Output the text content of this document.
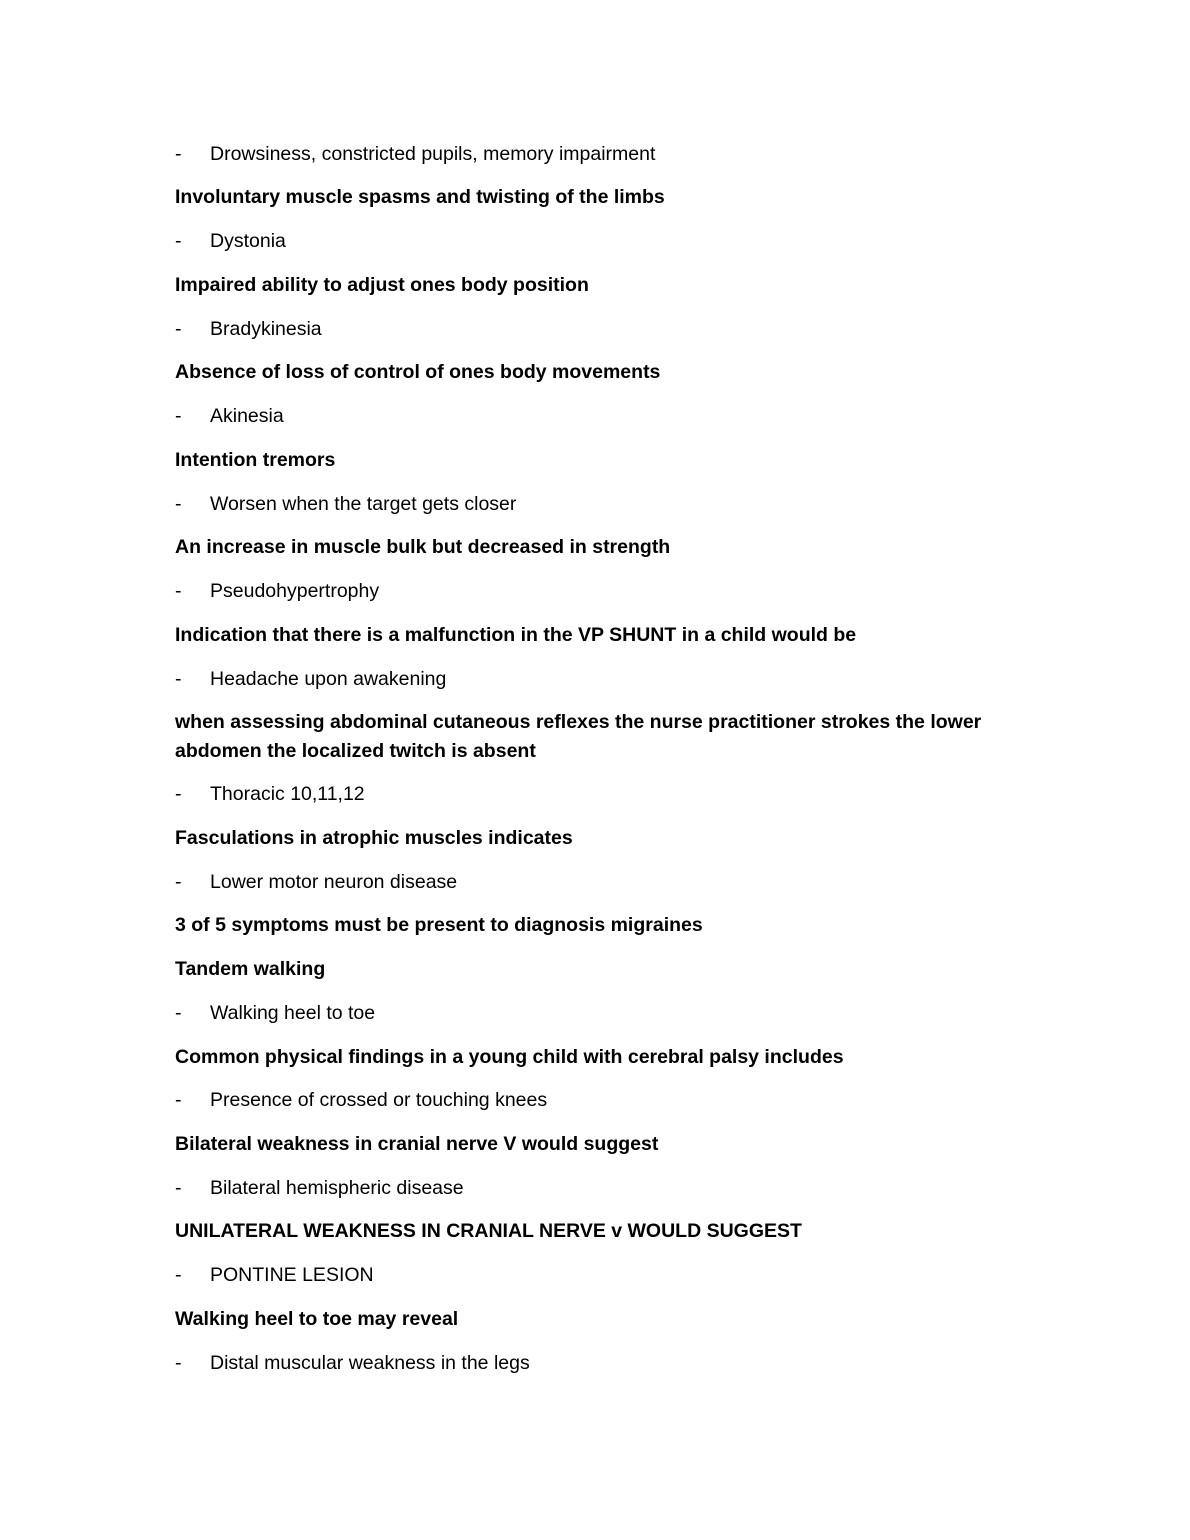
- Drowsiness, constricted pupils, memory impairment
Involuntary muscle spasms and twisting of the limbs
- Dystonia
Impaired ability to adjust ones body position
- Bradykinesia
Absence of loss of control of ones body movements
- Akinesia
Intention tremors
- Worsen when the target gets closer
An increase in muscle bulk but decreased in strength
- Pseudohypertrophy
Indication that there is a malfunction in the VP SHUNT in a child would be
- Headache upon awakening
when assessing abdominal cutaneous reflexes the nurse practitioner strokes the lower abdomen the localized twitch is absent
- Thoracic 10,11,12
Fasculations in atrophic muscles indicates
- Lower motor neuron disease
3 of 5 symptoms must be present to diagnosis migraines
Tandem walking
- Walking heel to toe
Common physical findings in a young child with cerebral palsy includes
- Presence of crossed or touching knees
Bilateral weakness in cranial nerve V would suggest
- Bilateral hemispheric disease
UNILATERAL WEAKNESS IN CRANIAL NERVE v WOULD SUGGEST
- PONTINE LESION
Walking heel to toe may reveal
- Distal muscular weakness in the legs
